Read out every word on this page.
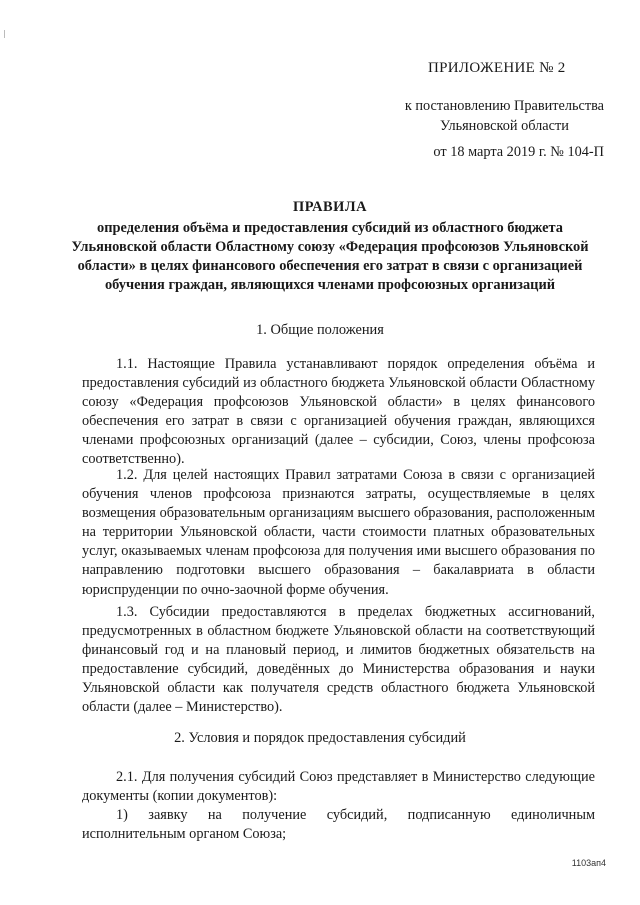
ПРИЛОЖЕНИЕ № 2
к постановлению Правительства
Ульяновской области
от 18 марта 2019 г. № 104-П
ПРАВИЛА
определения объёма и предоставления субсидий из областного бюджета Ульяновской области Областному союзу «Федерация профсоюзов Ульяновской области» в целях финансового обеспечения его затрат в связи с организацией обучения граждан, являющихся членами профсоюзных организаций
1. Общие положения
1.1. Настоящие Правила устанавливают порядок определения объёма и предоставления субсидий из областного бюджета Ульяновской области Областному союзу «Федерация профсоюзов Ульяновской области» в целях финансового обеспечения его затрат в связи с организацией обучения граждан, являющихся членами профсоюзных организаций (далее – субсидии, Союз, члены профсоюза соответственно).
1.2. Для целей настоящих Правил затратами Союза в связи с организацией обучения членов профсоюза признаются затраты, осуществляемые в целях возмещения образовательным организациям высшего образования, расположенным на территории Ульяновской области, части стоимости платных образовательных услуг, оказываемых членам профсоюза для получения ими высшего образования по направлению подготовки высшего образования – бакалавриата в области юриспруденции по очно-заочной форме обучения.
1.3. Субсидии предоставляются в пределах бюджетных ассигнований, предусмотренных в областном бюджете Ульяновской области на соответствующий финансовый год и на плановый период, и лимитов бюджетных обязательств на предоставление субсидий, доведённых до Министерства образования и науки Ульяновской области как получателя средств областного бюджета Ульяновской области (далее – Министерство).
2. Условия и порядок предоставления субсидий
2.1. Для получения субсидий Союз представляет в Министерство следующие документы (копии документов):
1) заявку на получение субсидий, подписанную единоличным исполнительным органом Союза;
1103ап4
